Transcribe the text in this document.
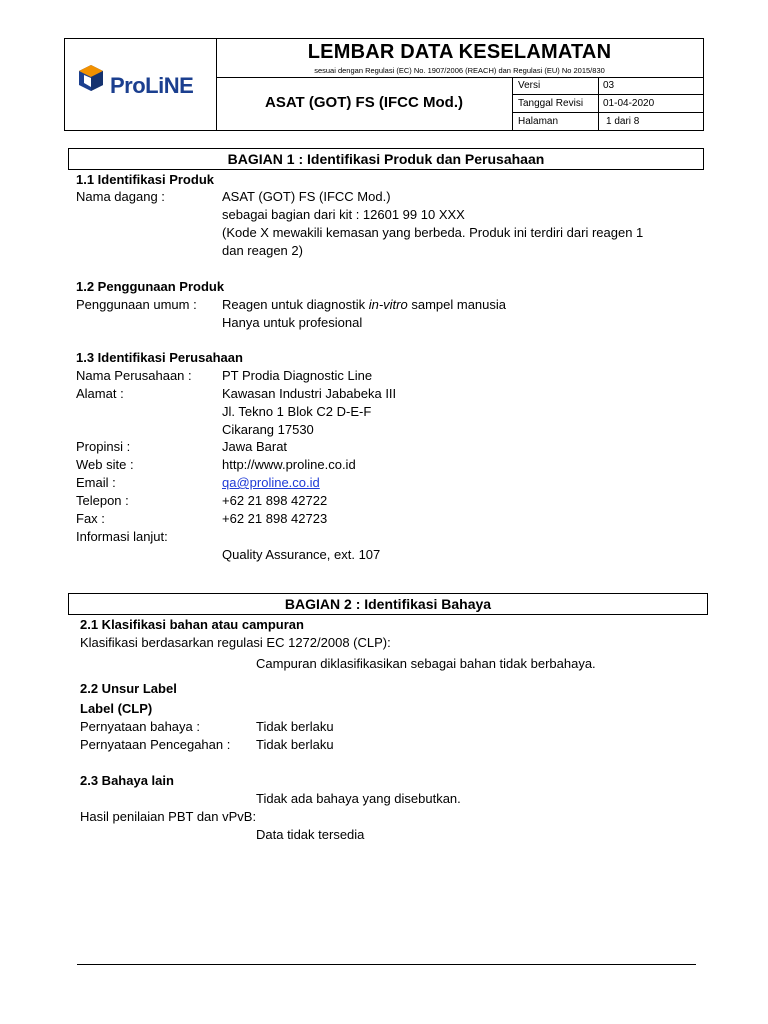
ProLiNE
LEMBAR DATA KESELAMATAN
sesuai dengan Regulasi (EC) No. 1907/2006 (REACH) dan Regulasi (EU) No 2015/830
ASAT (GOT) FS (IFCC Mod.)
Versi	03
Tanggal Revisi 01-04-2020
Halaman	1 dari 8
BAGIAN 1 : Identifikasi Produk dan Perusahaan
1.1 Identifikasi Produk
Nama dagang :	ASAT (GOT) FS (IFCC Mod.)
sebagai bagian dari kit : 12601 99 10 XXX
(Kode X mewakili kemasan yang berbeda. Produk ini terdiri dari reagen 1
dan reagen 2)
1.2 Penggunaan Produk
Penggunaan umum : Reagen untuk diagnostik in-vitro sampel manusia
Hanya untuk profesional
1.3 Identifikasi Perusahaan
Nama Perusahaan : PT Prodia Diagnostic Line
Alamat :	Kawasan Industri Jababeka III
Jl. Tekno 1 Blok C2 D-E-F
Cikarang 17530
Propinsi :	Jawa Barat
Web site :	http://www.proline.co.id
Email :	qa@proline.co.id
Telepon :	+62 21 898 42722
Fax :	+62 21 898 42723
Informasi lanjut:
Quality Assurance, ext. 107
BAGIAN 2 : Identifikasi Bahaya
2.1 Klasifikasi bahan atau campuran
Klasifikasi berdasarkan regulasi EC 1272/2008 (CLP):
Campuran diklasifikasikan sebagai bahan tidak berbahaya.
2.2 Unsur Label
Label (CLP)
Pernyataan bahaya :	Tidak berlaku
Pernyataan Pencegahan : Tidak berlaku
2.3 Bahaya lain
Tidak ada bahaya yang disebutkan.
Hasil penilaian PBT dan vPvB:
Data tidak tersedia
